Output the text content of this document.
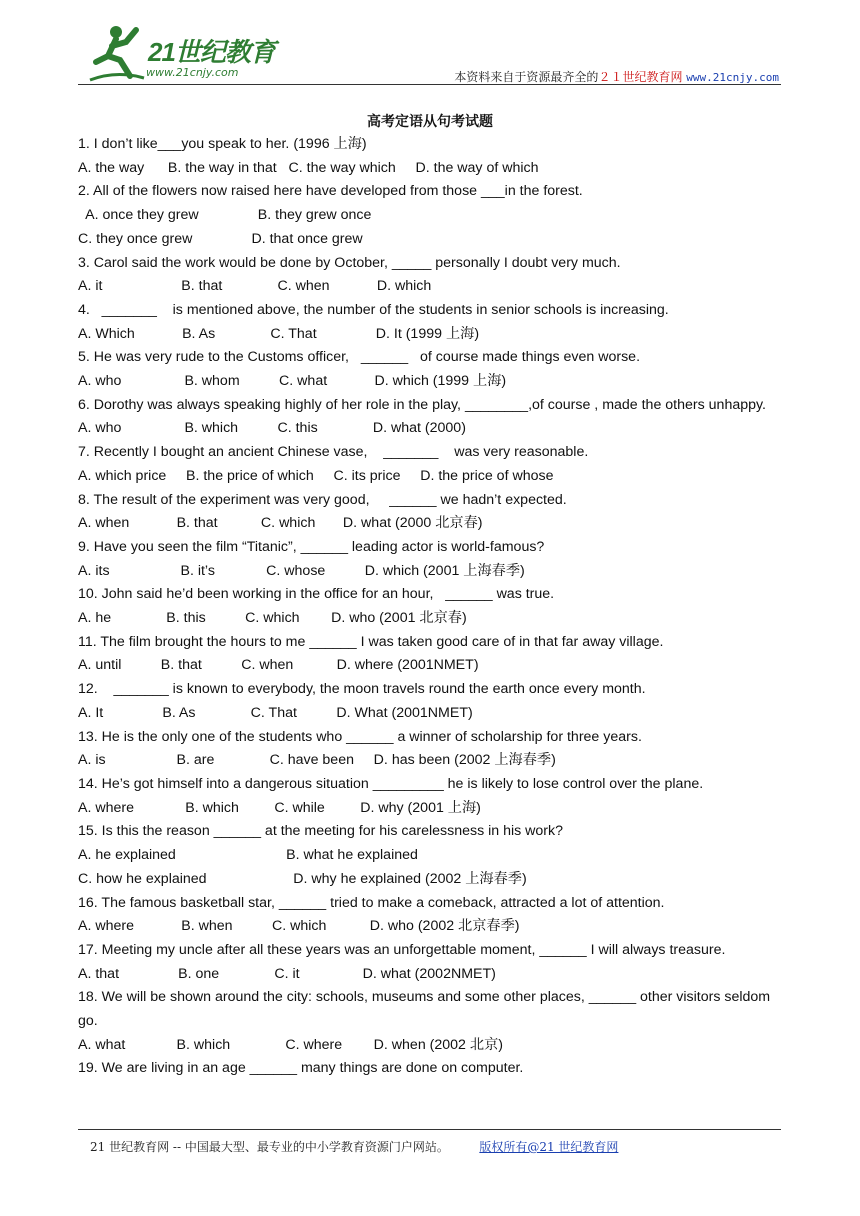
21世纪教育
www.21cnjy.com	本资料来自于资源最齐全的２１世纪教育网 www.21cnjy.com
高考定语从句考试题
1. I don’t like___you speak to her. (1996 上海)
A. the way      B. the way in that   C. the way which     D. the way of which
2. All of the flowers now raised here have developed from those ___in the forest.
A. once they grew               B. they grew once
C. they once grew               D. that once grew
3. Carol said the work would be done by October, _____ personally I doubt very much.
A. it                    B. that              C. when            D. which
4.   _______    is mentioned above, the number of the students in senior schools is increasing.
A. Which            B. As              C. That               D. It (1999 上海)
5. He was very rude to the Customs officer,   ______   of course made things even worse.
A. who                B. whom          C. what            D. which (1999 上海)
6. Dorothy was always speaking highly of her role in the play, ________,of course , made the others unhappy.
A. who                B. which          C. this              D. what (2000)
7. Recently I bought an ancient Chinese vase,    _______    was very reasonable.
A. which price     B. the price of which     C. its price     D. the price of whose
8. The result of the experiment was very good,     ______ we hadn’t expected.
A. when            B. that           C. which       D. what (2000 北京春)
9. Have you seen the film “Titanic”, ______ leading actor is world-famous?
A. its                  B. it’s             C. whose          D. which (2001 上海春季)
10. John said he’d been working in the office for an hour,   ______ was true.
A. he              B. this          C. which        D. who (2001 北京春)
11. The film brought the hours to me ______ I was taken good care of in that far away village.
A. until          B. that          C. when           D. where (2001NMET)
12.    _______ is known to everybody, the moon travels round the earth once every month.
A. It               B. As              C. That          D. What (2001NMET)
13. He is the only one of the students who ______ a winner of scholarship for three years.
A. is                  B. are              C. have been     D. has been (2002 上海春季)
14. He’s got himself into a dangerous situation _________ he is likely to lose control over the plane.
A. where             B. which         C. while         D. why (2001 上海)
15. Is this the reason ______ at the meeting for his carelessness in his work?
A. he explained                            B. what he explained
C. how he explained                      D. why he explained (2002 上海春季)
16. The famous basketball star, ______ tried to make a comeback, attracted a lot of attention.
A. where            B. when          C. which           D. who (2002 北京春季)
17. Meeting my uncle after all these years was an unforgettable moment, ______ I will always treasure.
A. that               B. one              C. it                D. what (2002NMET)
18. We will be shown around the city: schools, museums and some other places, ______ other visitors seldom go.
A. what             B. which              C. where        D. when (2002 北京)
19. We are living in an age ______ many things are done on computer.
21 世纪教育网 -- 中国最大型、最专业的中小学教育资源门户网站。	版权所有@21 世纪教育网
